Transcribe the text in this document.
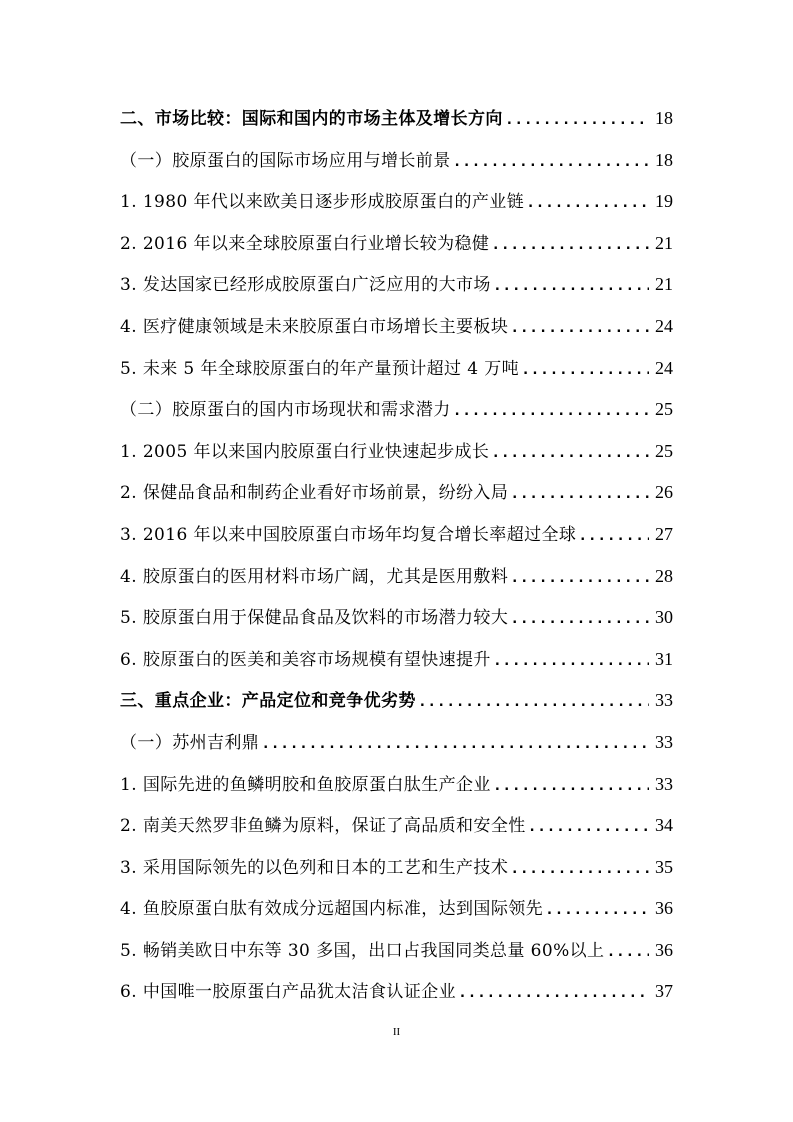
二、市场比较：国际和国内的市场主体及增长方向 . . .	18
（一）胶原蛋白的国际市场应用与增长前景 . . .	18
1. 1980 年代以来欧美日逐步形成胶原蛋白的产业链 . . .	19
2. 2016 年以来全球胶原蛋白行业增长较为稳健 . . .	21
3. 发达国家已经形成胶原蛋白广泛应用的大市场 . . .	21
4. 医疗健康领域是未来胶原蛋白市场增长主要板块 . . .	24
5. 未来 5 年全球胶原蛋白的年产量预计超过 4 万吨 . . .	24
（二）胶原蛋白的国内市场现状和需求潜力 . . .	25
1. 2005 年以来国内胶原蛋白行业快速起步成长 . . .	25
2. 保健品食品和制药企业看好市场前景，纷纷入局 . . .	26
3. 2016 年以来中国胶原蛋白市场年均复合增长率超过全球 . . .	27
4. 胶原蛋白的医用材料市场广阔，尤其是医用敷料 . . .	28
5. 胶原蛋白用于保健品食品及饮料的市场潜力较大 . . .	30
6. 胶原蛋白的医美和美容市场规模有望快速提升 . . .	31
三、重点企业：产品定位和竞争优劣势 . . .	33
（一）苏州吉利鼎 . . .	33
1. 国际先进的鱼鳞明胶和鱼胶原蛋白肽生产企业 . . .	33
2. 南美天然罗非鱼鳞为原料，保证了高品质和安全性 . . .	34
3. 采用国际领先的以色列和日本的工艺和生产技术 . . .	35
4. 鱼胶原蛋白肽有效成分远超国内标准，达到国际领先 . . .	36
5. 畅销美欧日中东等 30 多国，出口占我国同类总量 60%以上 . . .	36
6. 中国唯一胶原蛋白产品犹太洁食认证企业 . . .	37
II
